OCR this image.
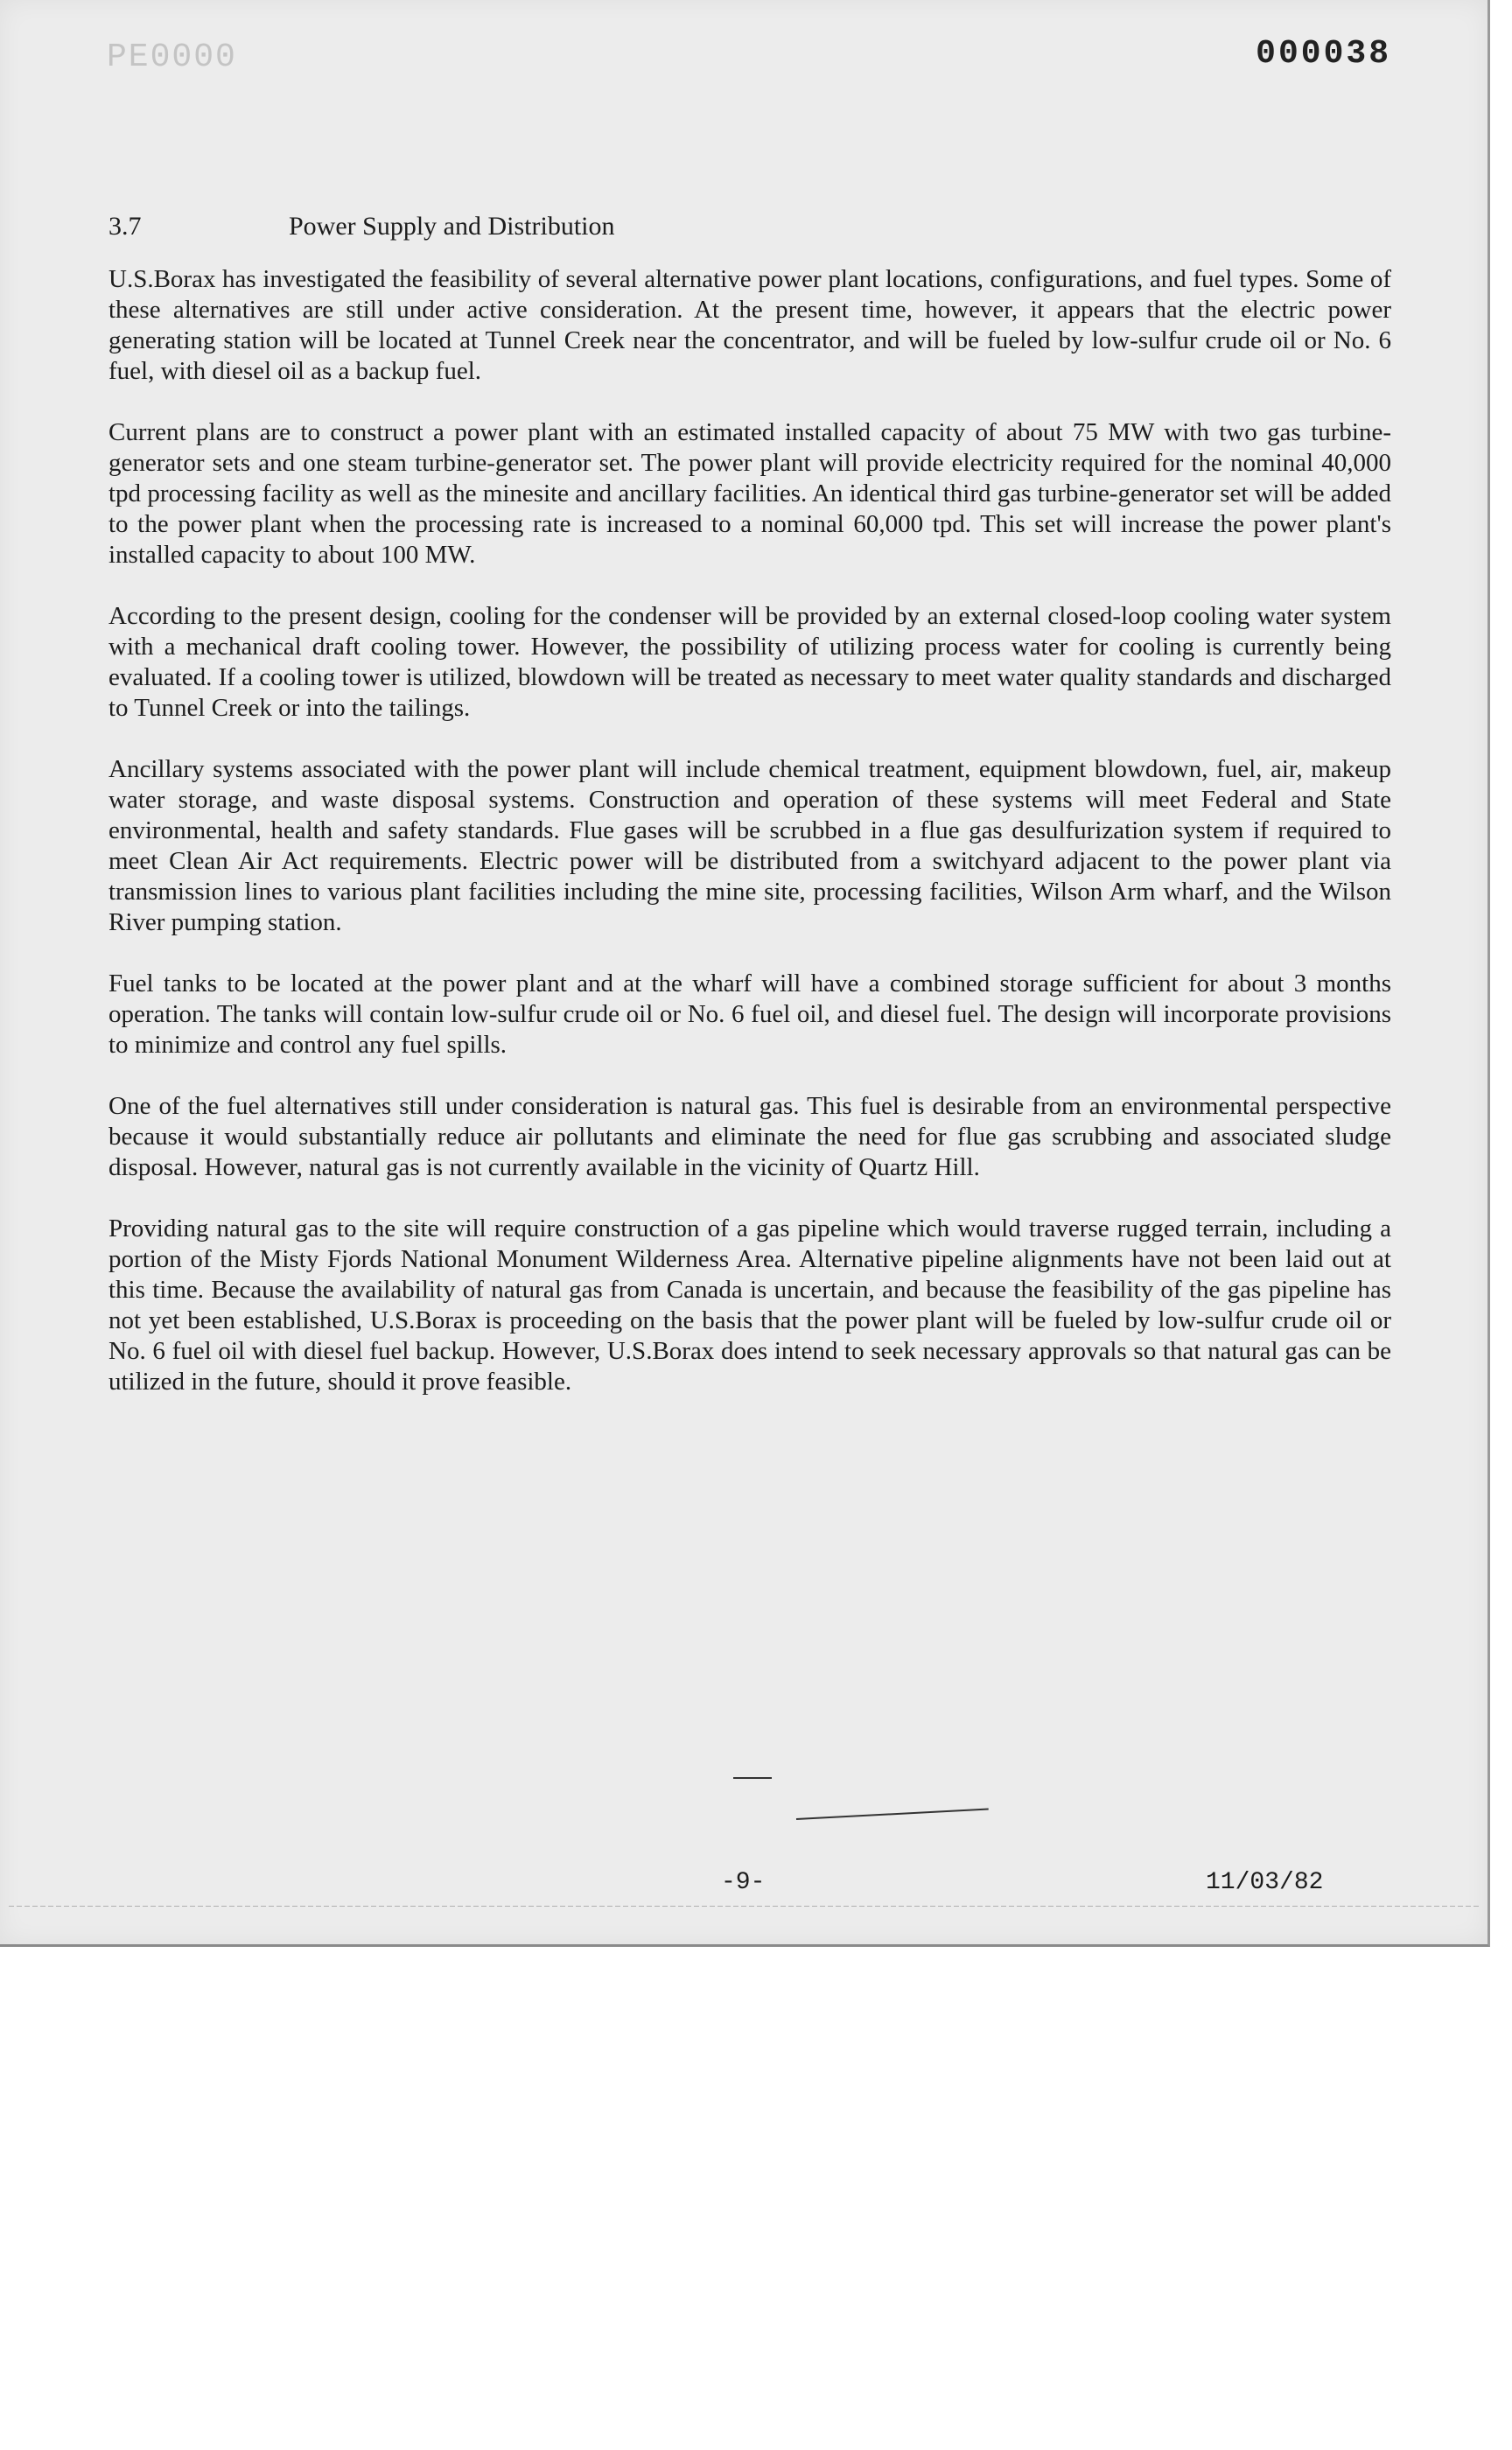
PE0000	000038
3.7	Power Supply and Distribution

U.S.Borax has investigated the feasibility of several alternative power plant locations, configurations, and fuel types. Some of these alternatives are still under active consideration. At the present time, however, it appears that the electric power generating station will be located at Tunnel Creek near the concentrator, and will be fueled by low-sulfur crude oil or No. 6 fuel, with diesel oil as a backup fuel.

Current plans are to construct a power plant with an estimated installed capacity of about 75 MW with two gas turbine-generator sets and one steam turbine-generator set. The power plant will provide electricity required for the nominal 40,000 tpd processing facility as well as the minesite and ancillary facilities. An identical third gas turbine-generator set will be added to the power plant when the processing rate is increased to a nominal 60,000 tpd. This set will increase the power plant's installed capacity to about 100 MW.

According to the present design, cooling for the condenser will be provided by an external closed-loop cooling water system with a mechanical draft cooling tower. However, the possibility of utilizing process water for cooling is currently being evaluated. If a cooling tower is utilized, blowdown will be treated as necessary to meet water quality standards and discharged to Tunnel Creek or into the tailings.

Ancillary systems associated with the power plant will include chemical treatment, equipment blowdown, fuel, air, makeup water storage, and waste disposal systems. Construction and operation of these systems will meet Federal and State environmental, health and safety standards. Flue gases will be scrubbed in a flue gas desulfurization system if required to meet Clean Air Act requirements. Electric power will be distributed from a switchyard adjacent to the power plant via transmission lines to various plant facilities including the mine site, processing facilities, Wilson Arm wharf, and the Wilson River pumping station.

Fuel tanks to be located at the power plant and at the wharf will have a combined storage sufficient for about 3 months operation. The tanks will contain low-sulfur crude oil or No. 6 fuel oil, and diesel fuel. The design will incorporate provisions to minimize and control any fuel spills.

One of the fuel alternatives still under consideration is natural gas. This fuel is desirable from an environmental perspective because it would substantially reduce air pollutants and eliminate the need for flue gas scrubbing and associated sludge disposal. However, natural gas is not currently available in the vicinity of Quartz Hill.

Providing natural gas to the site will require construction of a gas pipeline which would traverse rugged terrain, including a portion of the Misty Fjords National Monument Wilderness Area. Alternative pipeline alignments have not been laid out at this time. Because the availability of natural gas from Canada is uncertain, and because the feasibility of the gas pipeline has not yet been established, U.S.Borax is proceeding on the basis that the power plant will be fueled by low-sulfur crude oil or No. 6 fuel oil with diesel fuel backup. However, U.S.Borax does intend to seek necessary approvals so that natural gas can be utilized in the future, should it prove feasible.

-9-	11/03/82
